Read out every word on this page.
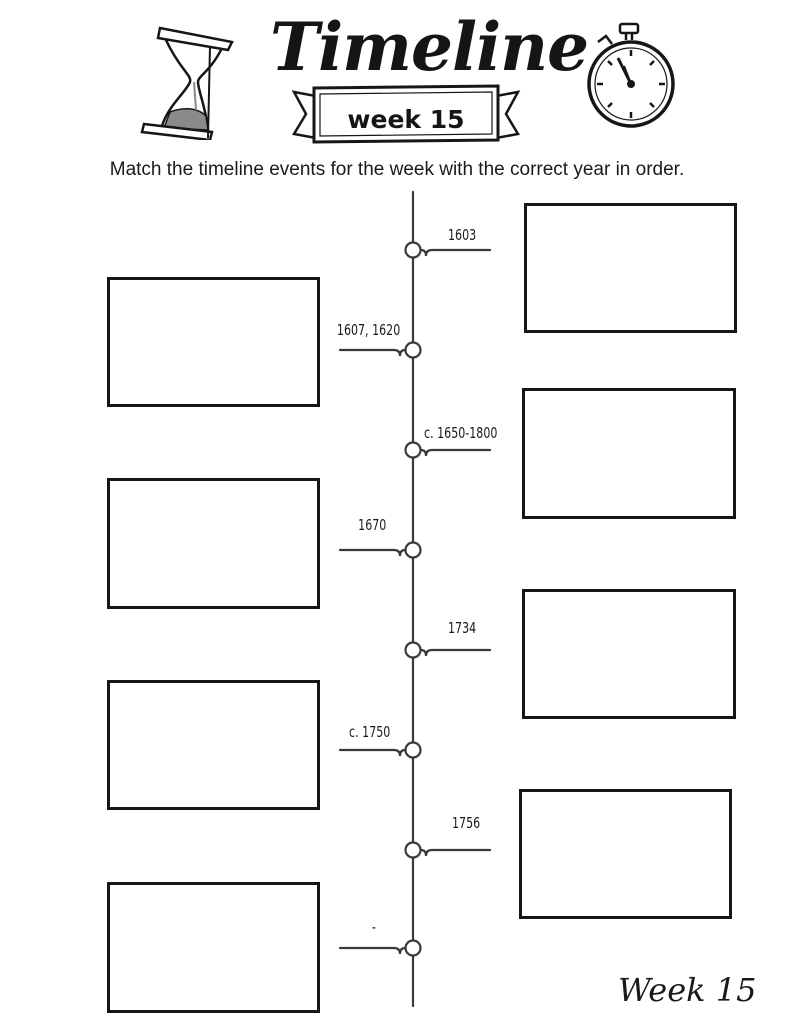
Timeline
week 15
Match the timeline events for the week with the correct year in order.
1603
1607, 1620
c. 1650-1800
1670
1734
c. 1750
1756
-
Week 15
